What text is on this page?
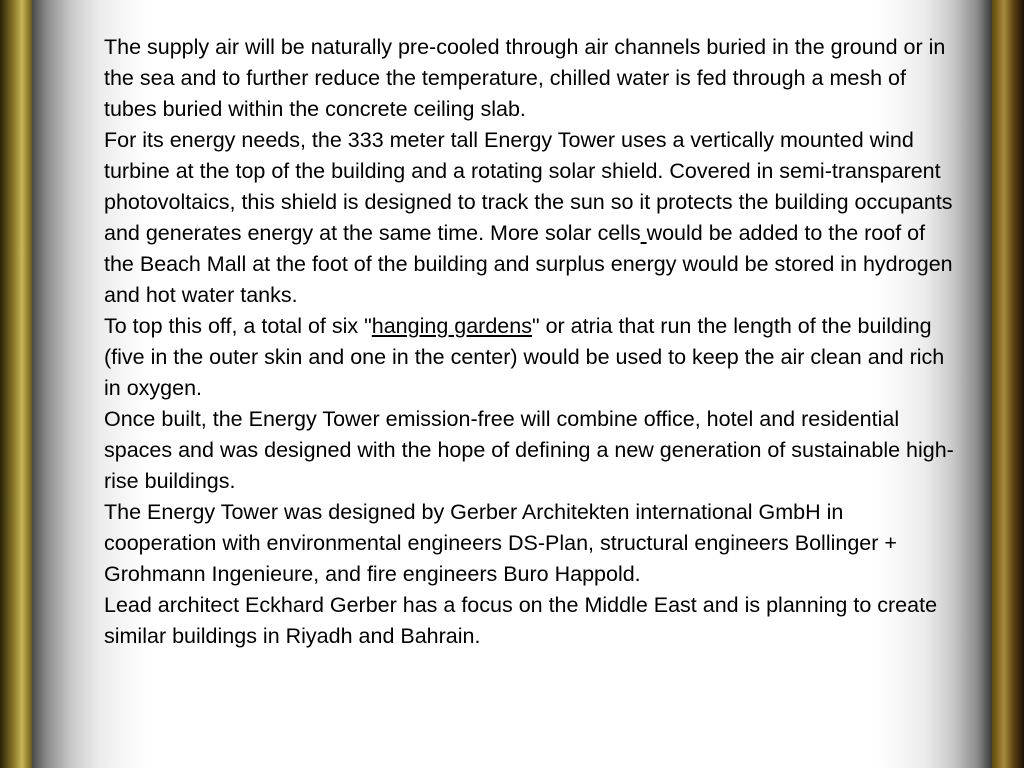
The supply air will be naturally pre-cooled through air channels buried in the ground or in the sea and to further reduce the temperature, chilled water is fed through a mesh of tubes buried within the concrete ceiling slab.

For its energy needs, the 333 meter tall Energy Tower uses a vertically mounted wind turbine at the top of the building and a rotating solar shield. Covered in semi-transparent photovoltaics, this shield is designed to track the sun so it protects the building occupants and generates energy at the same time. More solar cells would be added to the roof of the Beach Mall at the foot of the building and surplus energy would be stored in hydrogen and hot water tanks.

To top this off, a total of six "hanging gardens" or atria that run the length of the building (five in the outer skin and one in the center) would be used to keep the air clean and rich in oxygen.

Once built, the Energy Tower emission-free will combine office, hotel and residential spaces and was designed with the hope of defining a new generation of sustainable high-rise buildings.

The Energy Tower was designed by Gerber Architekten international GmbH in cooperation with environmental engineers DS-Plan, structural engineers Bollinger + Grohmann Ingenieure, and fire engineers Buro Happold.

Lead architect Eckhard Gerber has a focus on the Middle East and is planning to create similar buildings in Riyadh and Bahrain.
